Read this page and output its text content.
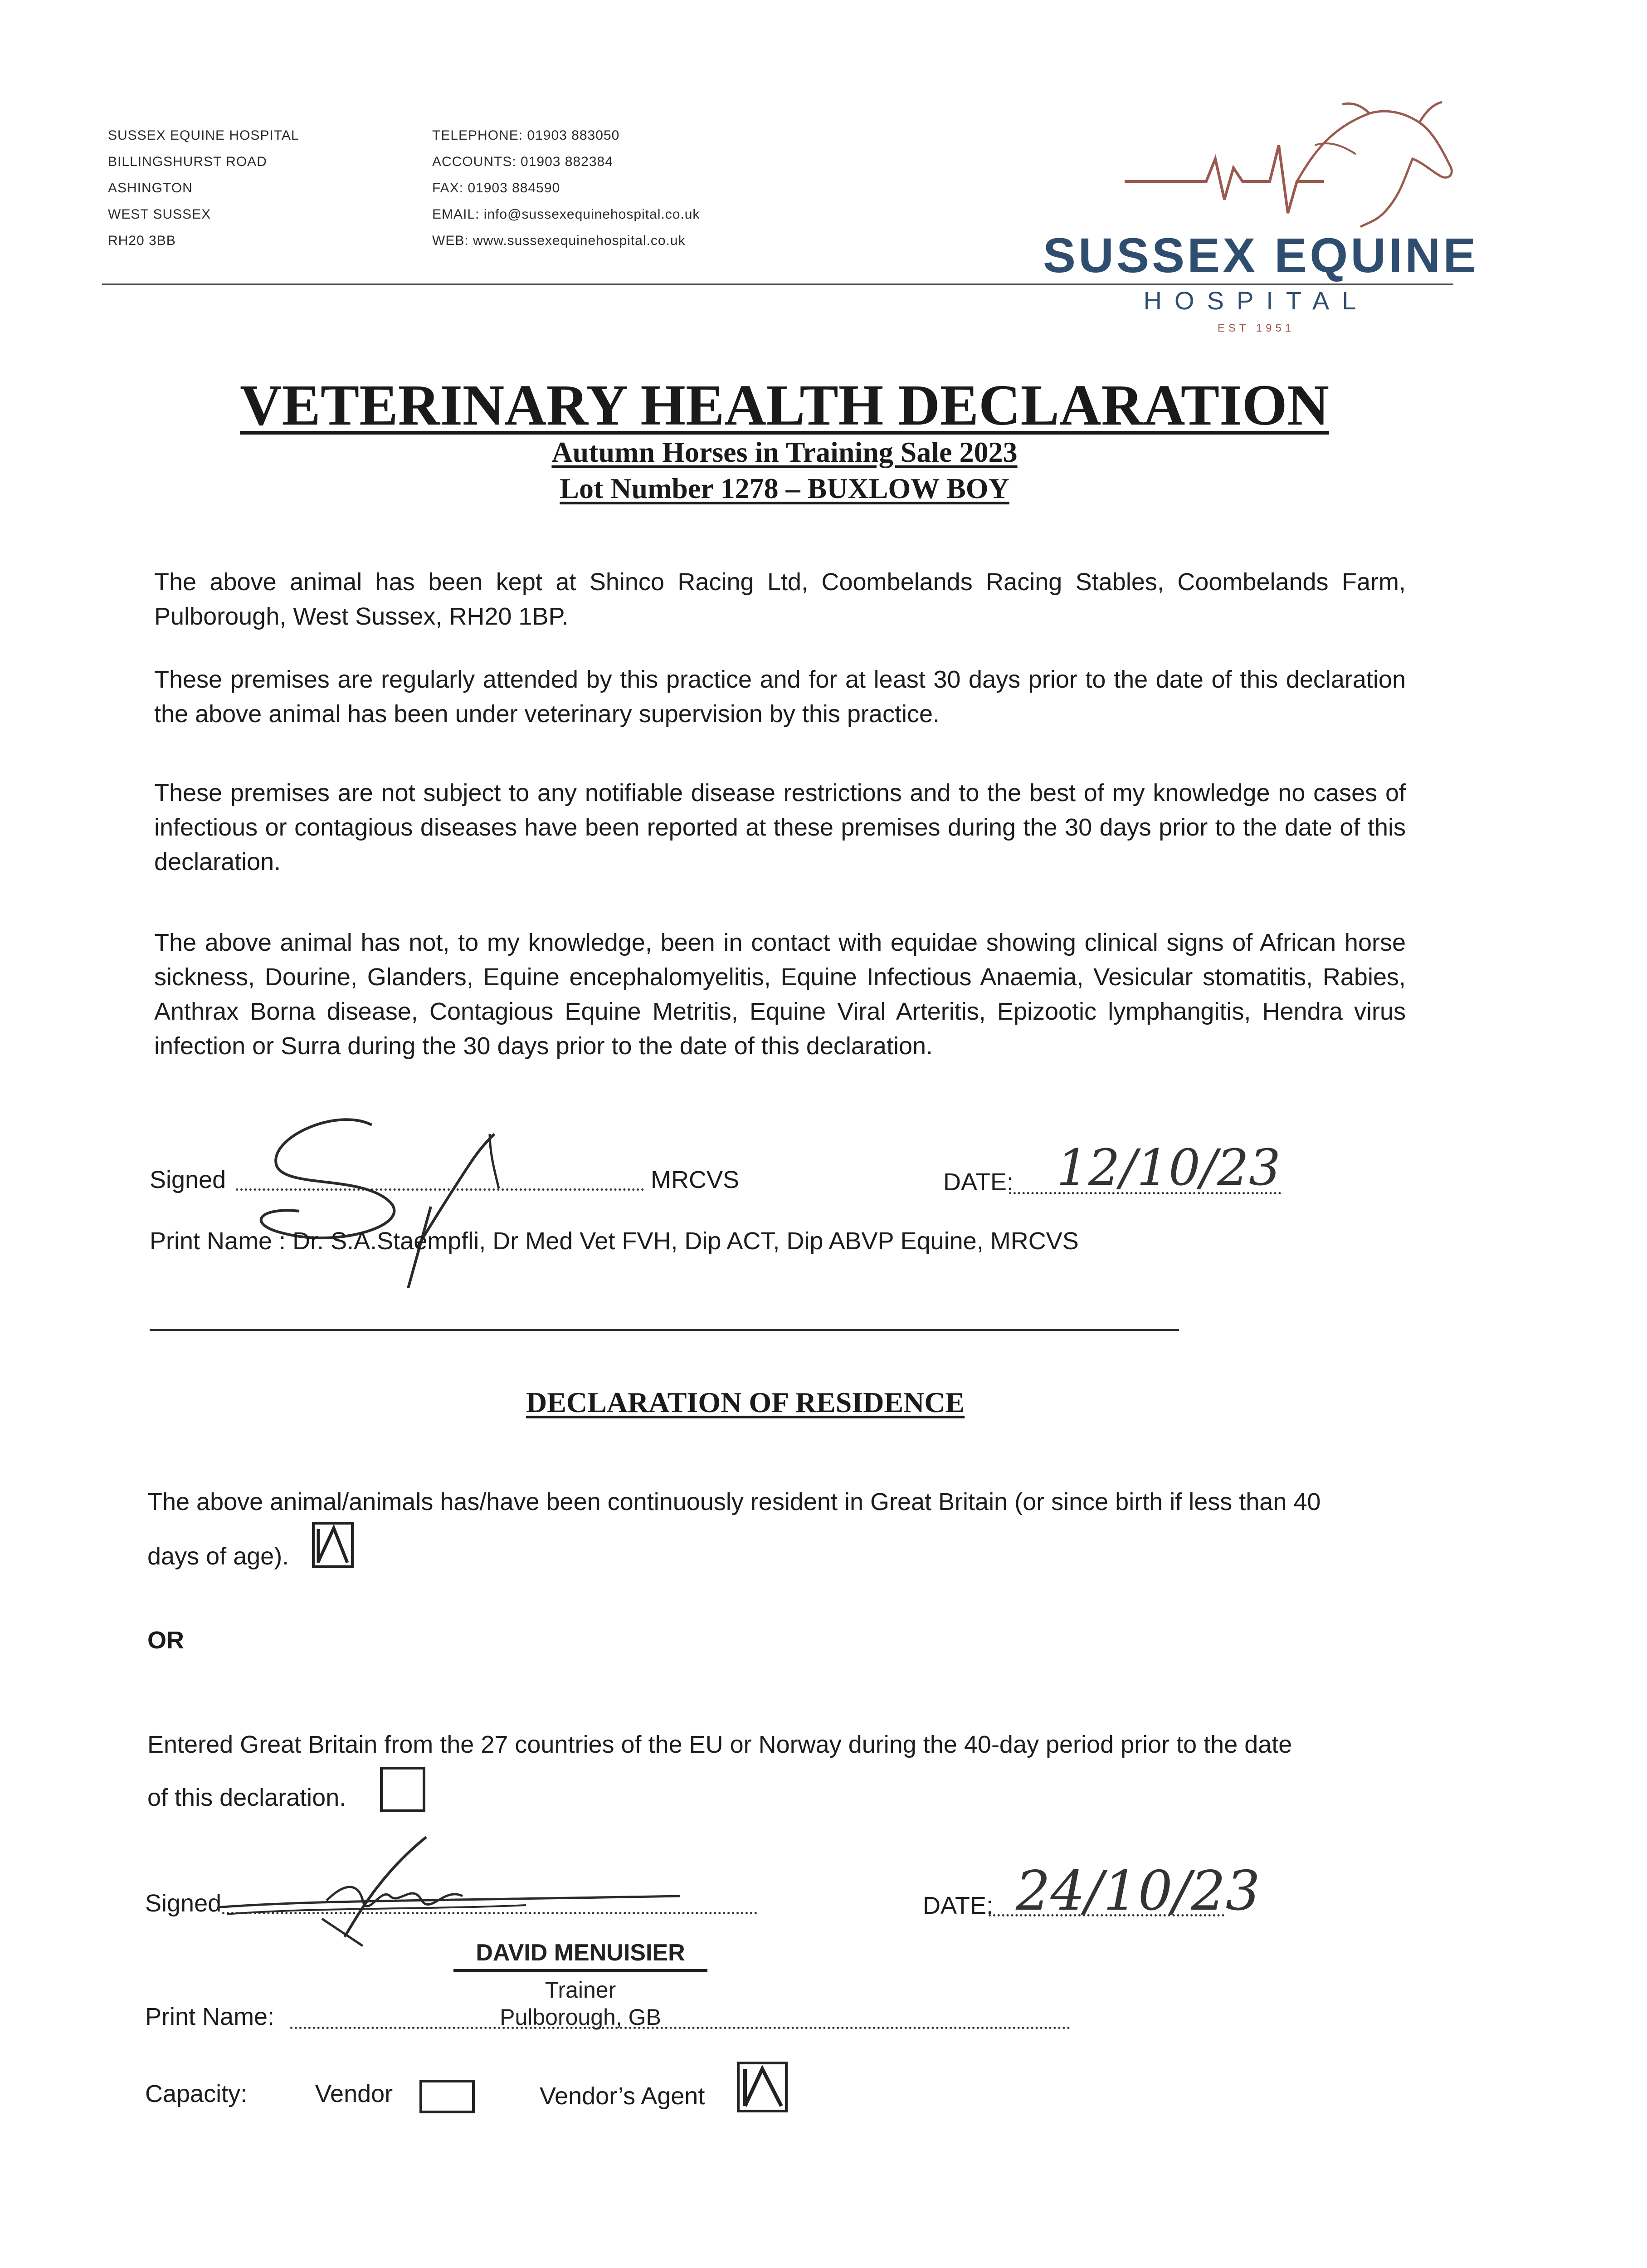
SUSSEX EQUINE HOSPITAL
BILLINGSHURST ROAD
ASHINGTON
WEST SUSSEX
RH20 3BB
TELEPHONE: 01903 883050
ACCOUNTS: 01903 882384
FAX: 01903 884590
EMAIL: info@sussexequinehospital.co.uk
WEB: www.sussexequinehospital.co.uk	SUSSEX EQUINE
HOSPITAL
EST 1951
VETERINARY HEALTH DECLARATION
Autumn Horses in Training Sale 2023
Lot Number 1278 – BUXLOW BOY
The above animal has been kept at Shinco Racing Ltd, Coombelands Racing Stables, Coombelands Farm, Pulborough, West Sussex, RH20 1BP.
These premises are regularly attended by this practice and for at least 30 days prior to the date of this declaration the above animal has been under veterinary supervision by this practice.
These premises are not subject to any notifiable disease restrictions and to the best of my knowledge no cases of infectious or contagious diseases have been reported at these premises during the 30 days prior to the date of this declaration.
The above animal has not, to my knowledge, been in contact with equidae showing clinical signs of African horse sickness, Dourine, Glanders, Equine encephalomyelitis, Equine Infectious Anaemia, Vesicular stomatitis, Rabies, Anthrax Borna disease, Contagious Equine Metritis, Equine Viral Arteritis, Epizootic lymphangitis, Hendra virus infection or Surra during the 30 days prior to the date of this declaration.
Signed	MRCVS	DATE: 12/10/23
Print Name : Dr. S.A.Staempfli, Dr Med Vet FVH, Dip ACT, Dip ABVP Equine, MRCVS
DECLARATION OF RESIDENCE
The above animal/animals has/have been continuously resident in Great Britain (or since birth if less than 40
days of age).
OR
Entered Great Britain from the 27 countries of the EU or Norway during the 40-day period prior to the date
of this declaration.
Signed	DATE: 24/10/23
DAVID MENUISIER
Trainer
Pulborough, GB
Print Name:
Capacity:	Vendor	Vendor’s Agent
